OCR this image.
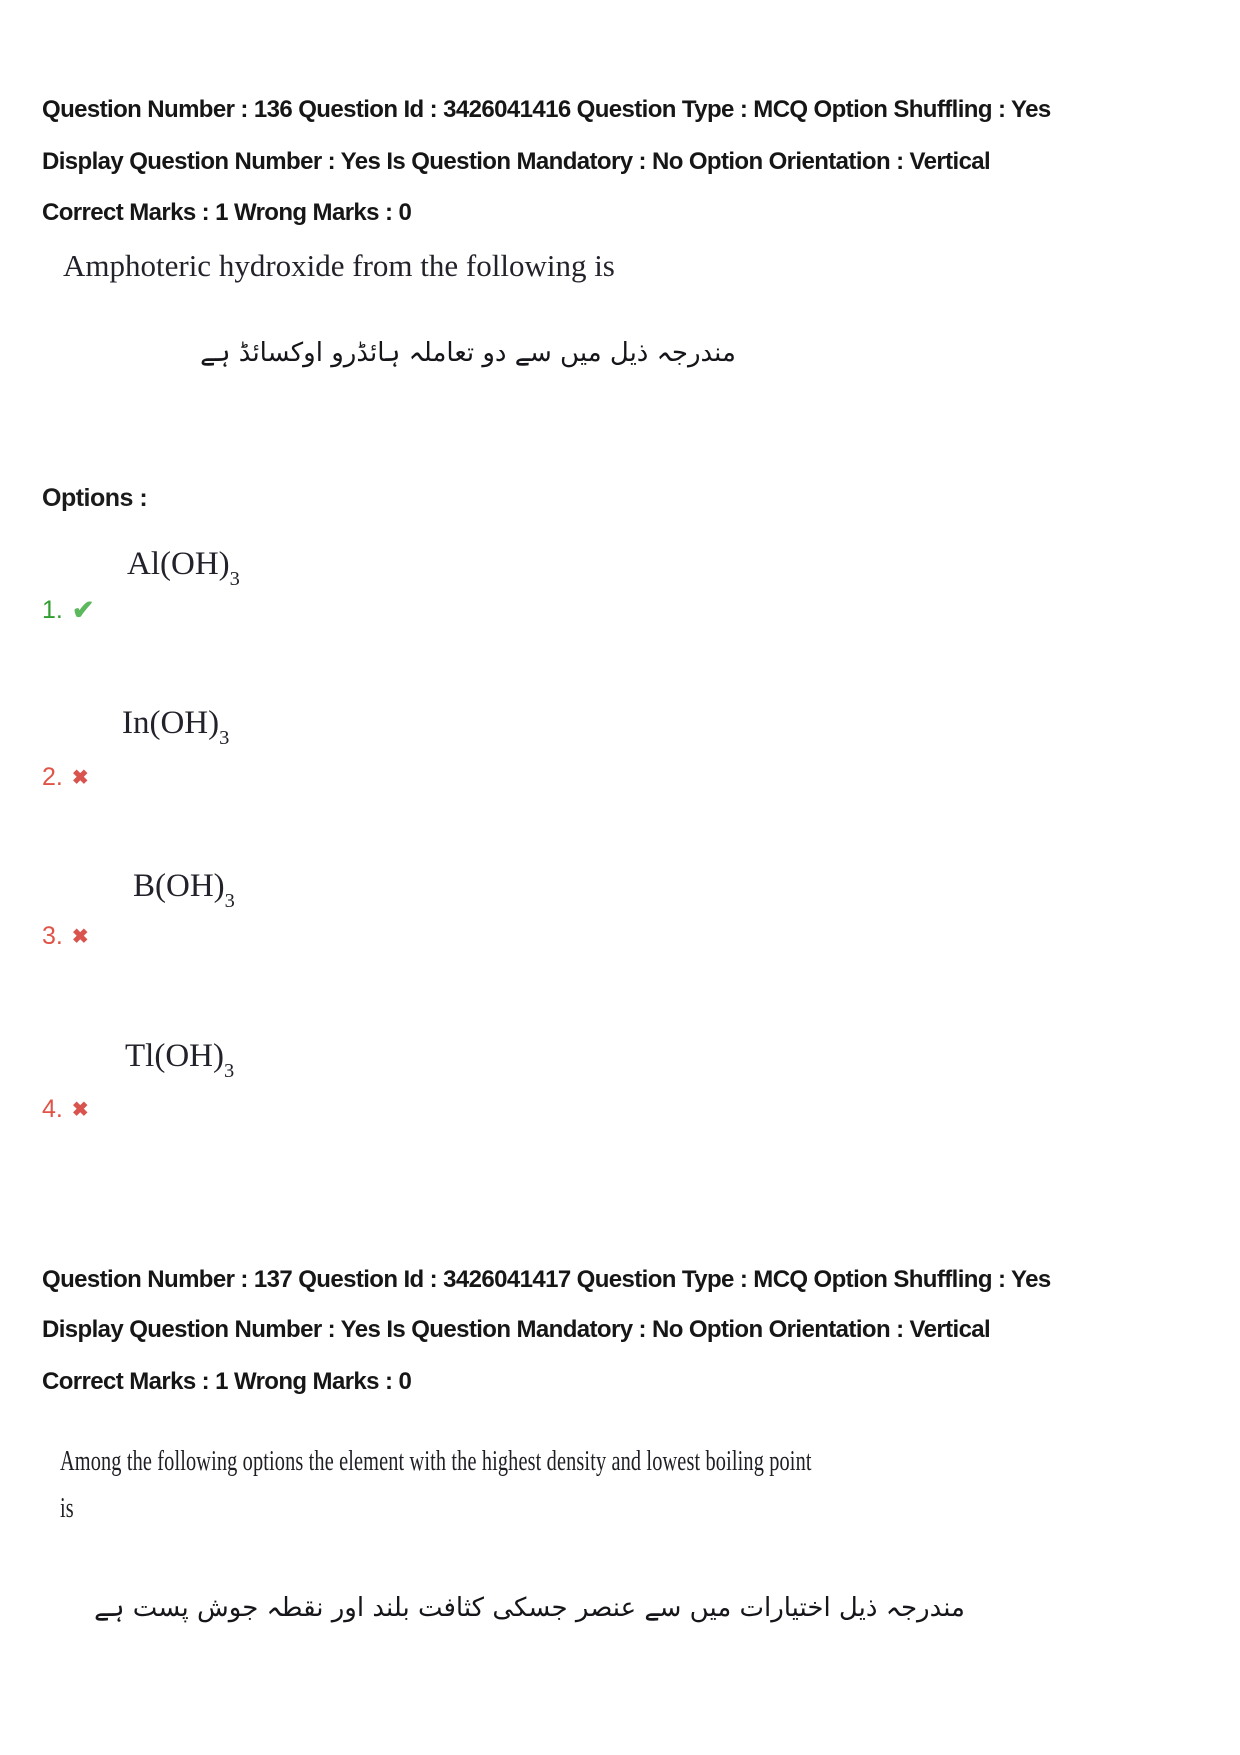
Question Number : 136 Question Id : 3426041416 Question Type : MCQ Option Shuffling : Yes
Display Question Number : Yes Is Question Mandatory : No Option Orientation : Vertical
Correct Marks : 1 Wrong Marks : 0
Amphoteric hydroxide from the following is
مندرجہ ذیل میں سے دو تعاملہ ہائڈرو اوکسائڈ ہے
Options :
$Al(OH)_3$
1. ✔
$In(OH)_3$
2. ✖
$B(OH)_3$
3. ✖
$Tl(OH)_3$
4. ✖
Question Number : 137 Question Id : 3426041417 Question Type : MCQ Option Shuffling : Yes
Display Question Number : Yes Is Question Mandatory : No Option Orientation : Vertical
Correct Marks : 1 Wrong Marks : 0
Among the following options the element with the highest density and lowest boiling point
is
مندرجہ ذیل اختیارات میں سے عنصر جسکی کثافت بلند اور نقطہ جوش پست ہے
